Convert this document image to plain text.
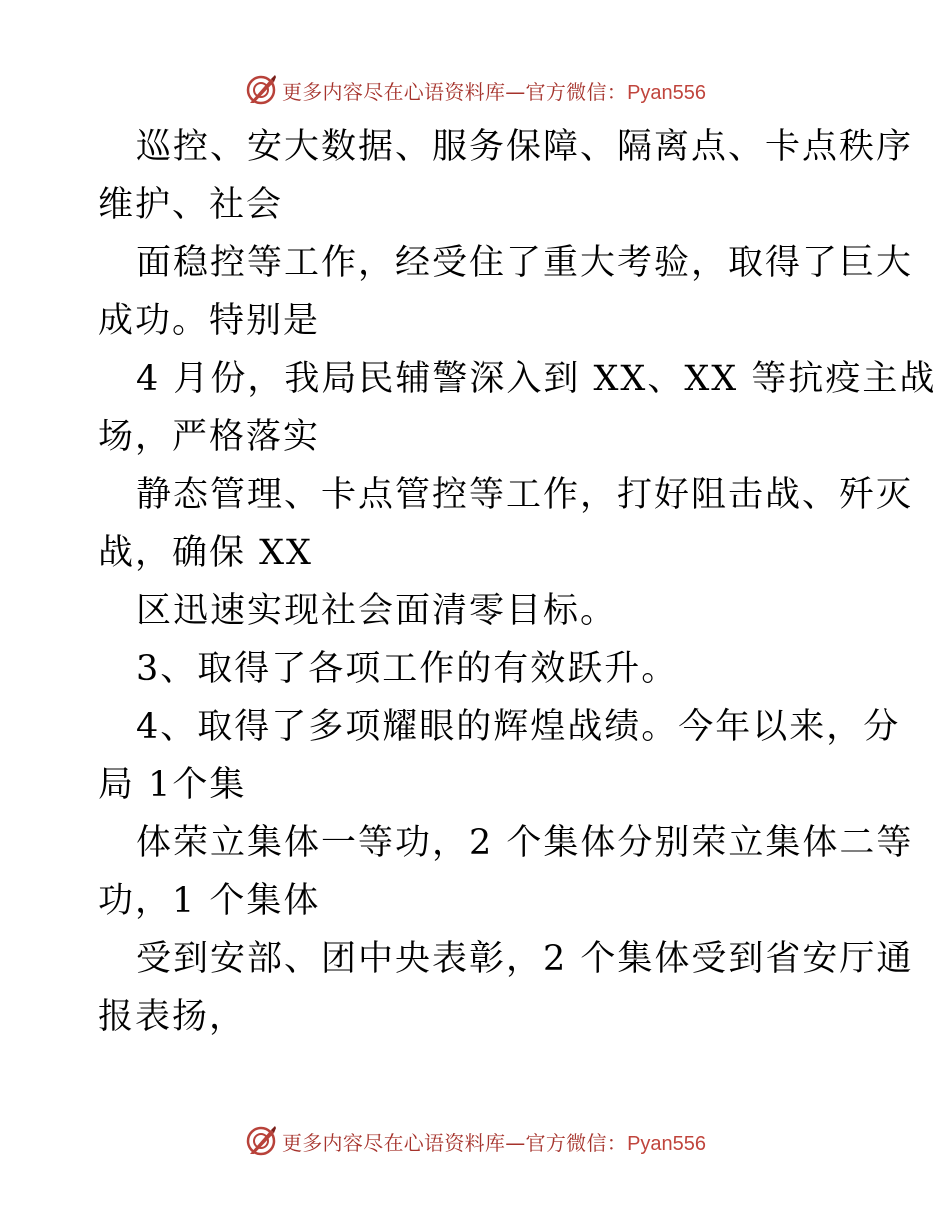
更多内容尽在心语资料库—官方微信：Pyan556
巡控、安大数据、服务保障、隔离点、卡点秩序
维护、社会
面稳控等工作，经受住了重大考验，取得了巨大
成功。特别是
4 月份，我局民辅警深入到 XX、XX 等抗疫主战
场，严格落实
静态管理、卡点管控等工作，打好阻击战、歼灭
战，确保 XX
区迅速实现社会面清零目标。
3、取得了各项工作的有效跃升。
4、取得了多项耀眼的辉煌战绩。今年以来，分
局 1个集
体荣立集体一等功，2 个集体分别荣立集体二等
功，1 个集体
受到安部、团中央表彰，2 个集体受到省安厅通
报表扬，
更多内容尽在心语资料库—官方微信：Pyan556
